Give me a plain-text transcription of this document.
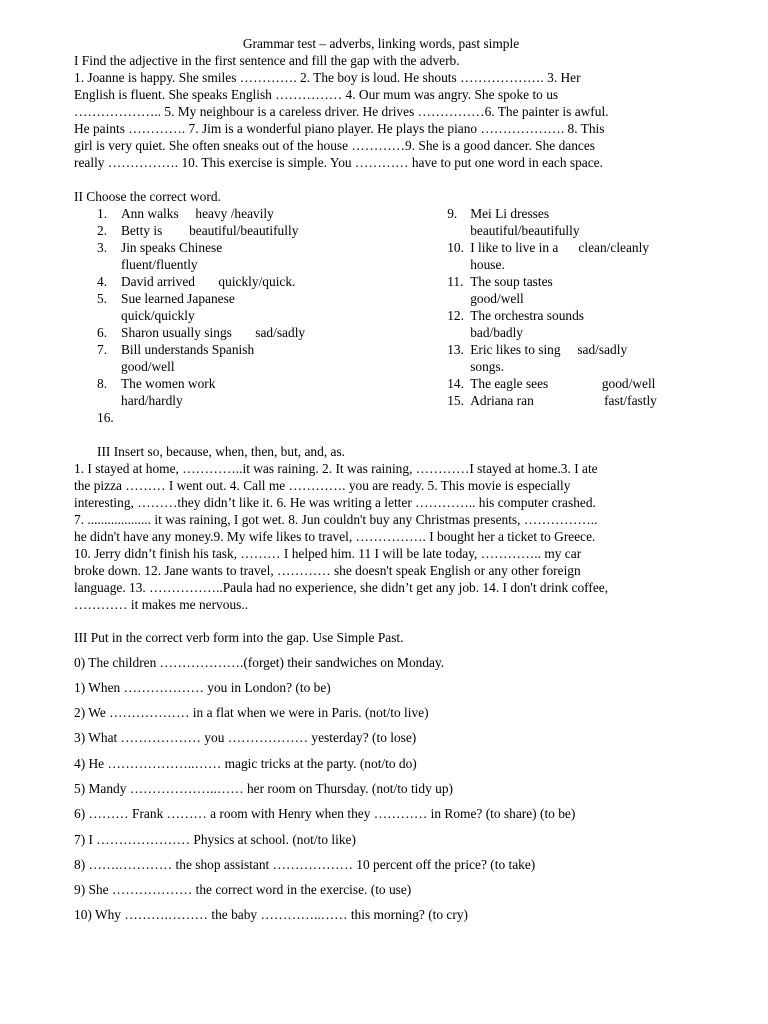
Grammar test – adverbs, linking words, past simple

I Find the adjective in the first sentence and fill the gap with the adverb.

1. Joanne is happy. She smiles …………. 2. The boy is loud. He shouts ………………. 3. Her

English is fluent. She speaks English …………… 4. Our mum was angry. She spoke to us

……………….. 5. My neighbour is a careless driver. He drives ……………6. The painter is awful.

He paints …………. 7. Jim is a wonderful piano player. He plays the piano ………………. 8. This

girl is very quiet. She often sneaks out of the house …………9. She is a good dancer. She dances

really ……………. 10. This exercise is simple. You ………… have to put one word in each space.

II Choose the correct word.

1.	Ann walks     heavy /heavily
2.	Betty is        beautiful/beautifully
3.	Jin speaks Chinese
fluent/fluently
4.	David arrived       quickly/quick.
5.	Sue learned Japanese
quick/quickly
6.	Sharon usually sings       sad/sadly
7.	Bill understands Spanish
good/well
8.	The women work
hard/hardly
16.
9. Mei Li dresses
beautiful/beautifully
10. I like to live in a      clean/cleanly
house.
11. The soup tastes
good/well
12. The orchestra sounds
bad/badly
13. Eric likes to sing     sad/sadly
songs.
14. The eagle sees                good/well
15. Adriana ran                     fast/fastly
III Insert so, because, when, then, but, and, as.

1. I stayed at home, …………..it was raining. 2. It was raining, …………I stayed at home.3. I ate

the pizza ……… I went out. 4. Call me …………. you are ready. 5. This movie is especially

interesting, ………they didn’t like it. 6. He was writing a letter ………….. his computer crashed.

7. ................... it was raining, I got wet. 8. Jun couldn't buy any Christmas presents, ……………..

he didn't have any money.9. My wife likes to travel, ……………. I bought her a ticket to Greece.

10. Jerry didn’t finish his task, ……… I helped him. 11 I will be late today, ………….. my car

broke down. 12. Jane wants to travel, ………… she doesn't speak English or any other foreign

language. 13. ……………..Paula had no experience, she didn’t get any job. 14. I don't drink coffee,

………… it makes me nervous..

III Put in the correct verb form into the gap. Use Simple Past.

0) The children ……………….(forget) their sandwiches on Monday.

1) When ……………… you in London? (to be)

2) We ……………… in a flat when we were in Paris. (not/to live)

3) What ……………… you ……………… yesterday? (to lose)

4) He ………………..…… magic tricks at the party. (not/to do)

5) Mandy ………………..…… her room on Thursday. (not/to tidy up)

6) ……… Frank ……… a room with Henry when they ………… in Rome? (to share) (to be)

7) I ………………… Physics at school. (not/to like)

8) …….………… the shop assistant ……………… 10 percent off the price? (to take)

9) She ……………… the correct word in the exercise. (to use)

10) Why ……….……… the baby …………..…… this morning? (to cry)
